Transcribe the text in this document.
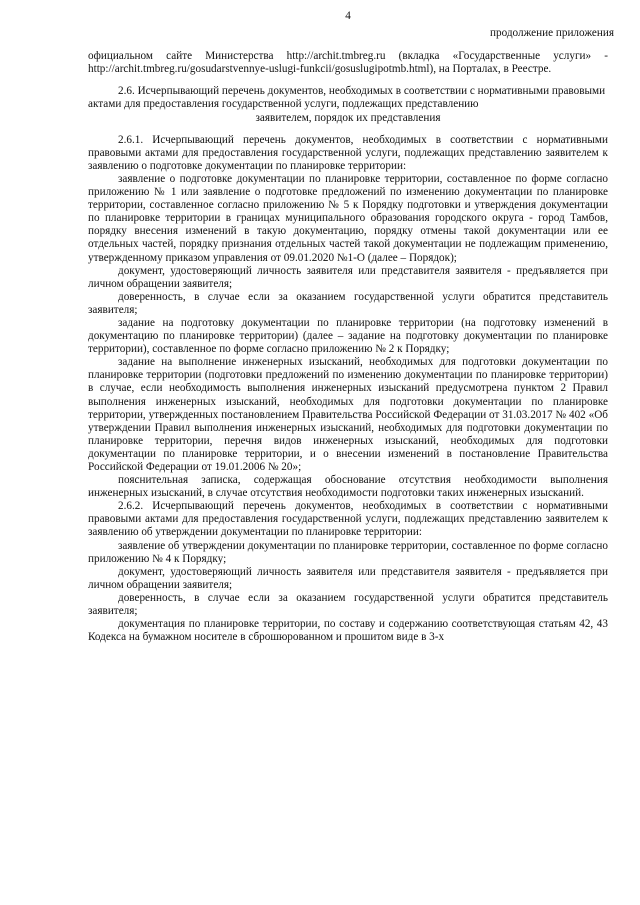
4
продолжение приложения

официальном сайте Министерства http://archit.tmbreg.ru (вкладка «Государственные услуги» - http://archit.tmbreg.ru/gosudarstvennye-uslugi-funkcii/gosuslugipotmb.html), на Порталах, в Реестре.

2.6. Исчерпывающий перечень документов, необходимых в соответствии с нормативными правовыми актами для предоставления государственной услуги, подлежащих представлению
заявителем, порядок их представления

2.6.1. Исчерпывающий перечень документов, необходимых в соответствии с нормативными правовыми актами для предоставления государственной услуги, подлежащих представлению заявителем к заявлению о подготовке документации по планировке территории:

заявление о подготовке документации по планировке территории, составленное по форме согласно приложению № 1 или заявление о подготовке предложений по изменению документации по планировке территории, составленное согласно приложению № 5 к Порядку подготовки и утверждения документации по планировке территории в границах муниципального образования городского округа - город Тамбов, порядку внесения изменений в такую документацию, порядку отмены такой документации или ее отдельных частей, порядку признания отдельных частей такой документации не подлежащим применению, утвержденному приказом управления от 09.01.2020 №1-О (далее – Порядок);

документ, удостоверяющий личность заявителя или представителя заявителя - предъявляется при личном обращении заявителя;

доверенность, в случае если за оказанием государственной услуги обратится представитель заявителя;

задание на подготовку документации по планировке территории (на подготовку изменений в документацию по планировке территории) (далее – задание на подготовку документации по планировке территории), составленное по форме согласно приложению № 2 к Порядку;

задание на выполнение инженерных изысканий, необходимых для подготовки документации по планировке территории (подготовки предложений по изменению документации по планировке территории) в случае, если необходимость выполнения инженерных изысканий предусмотрена пунктом 2 Правил выполнения инженерных изысканий, необходимых для подготовки документации по планировке территории, утвержденных постановлением Правительства Российской Федерации от 31.03.2017 № 402 «Об утверждении Правил выполнения инженерных изысканий, необходимых для подготовки документации по планировке территории, перечня видов инженерных изысканий, необходимых для подготовки документации по планировке территории, и о внесении изменений в постановление Правительства Российской Федерации от 19.01.2006 № 20»;

пояснительная записка, содержащая обоснование отсутствия необходимости выполнения инженерных изысканий, в случае отсутствия необходимости подготовки таких инженерных изысканий.

2.6.2. Исчерпывающий перечень документов, необходимых в соответствии с нормативными правовыми актами для предоставления государственной услуги, подлежащих представлению заявителем к заявлению об утверждении документации по планировке территории:

заявление об утверждении документации по планировке территории, составленное по форме согласно приложению № 4 к Порядку;

документ, удостоверяющий личность заявителя или представителя заявителя - предъявляется при личном обращении заявителя;

доверенность, в случае если за оказанием государственной услуги обратится представитель заявителя;

документация по планировке территории, по составу и содержанию соответствующая статьям 42, 43 Кодекса на бумажном носителе в сброшюрованном и прошитом виде в 3-х
